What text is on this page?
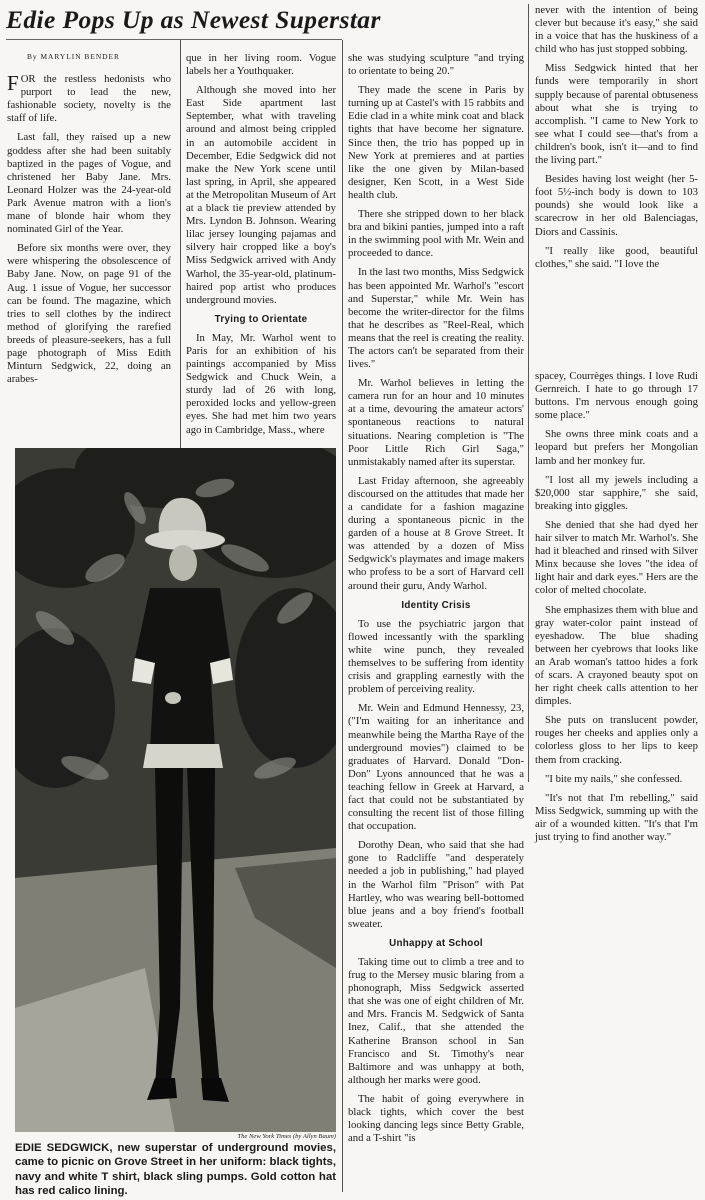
Edie Pops Up as Newest Superstar
By MARYLIN BENDER

FOR the restless hedonists who purport to lead the new, fashionable society, novelty is the staff of life.

Last fall, they raised up a new goddess after she had been suitably baptized in the pages of Vogue, and christened her Baby Jane. Mrs. Leonard Holzer was the 24-year-old Park Avenue matron with a lion's mane of blonde hair whom they nominated Girl of the Year.

Before six months were over, they were whispering the obsolescence of Baby Jane. Now, on page 91 of the Aug. 1 issue of Vogue, her successor can be found. The magazine, which tries to sell clothes by the indirect method of glorifying the rarefied breeds of pleasure-seekers, has a full page photograph of Miss Edith Minturn Sedgwick, 22, doing an arabes-

que in her living room. Vogue labels her a Youthquaker.

Although she moved into her East Side apartment last September, what with traveling around and almost being crippled in an automobile accident in December, Edie Sedgwick did not make the New York scene until last spring, in April, she appeared at the Metropolitan Museum of Art at a black tie preview attended by Mrs. Lyndon B. Johnson. Wearing lilac jersey lounging pajamas and silvery hair cropped like a boy's Miss Sedgwick arrived with Andy Warhol, the 35-year-old, platinum-haired pop artist who produces underground movies.

Trying to Orientate

In May, Mr. Warhol went to Paris for an exhibition of his paintings accompanied by Miss Sedgwick and Chuck Wein, a sturdy lad of 26 with long, peroxided locks and yellow-green eyes. She had met him two years ago in Cambridge, Mass., where

The New York Times (by Allyn Baum)
EDIE SEDGWICK, new superstar of underground movies, came to picnic on Grove Street in her uniform: black tights, navy and white T shirt, black sling pumps. Gold cotton hat has red calico lining.

she was studying sculpture "and trying to orientate to being 20."

They made the scene in Paris by turning up at Castel's with 15 rabbits and Edie clad in a white mink coat and black tights that have become her signature. Since then, the trio has popped up in New York at premieres and at parties like the one given by Milan-based designer, Ken Scott, in a West Side health club.

There she stripped down to her black bra and bikini panties, jumped into a raft in the swimming pool with Mr. Wein and proceeded to dance.

In the last two months, Miss Sedgwick has been appointed Mr. Warhol's "escort and Superstar," while Mr. Wein has become the writer-director for the films that he describes as "Reel-Real, which means that the reel is creating the reality. The actors can't be separated from their lives."

Mr. Warhol believes in letting the camera run for an hour and 10 minutes at a time, devouring the amateur actors' spontaneous reactions to natural situations. Nearing completion is "The Poor Little Rich Girl Saga," unmistakably named after its superstar.

Last Friday afternoon, she agreeably discoursed on the attitudes that made her a candidate for a fashion magazine during a spontaneous picnic in the garden of a house at 8 Grove Street. It was attended by a dozen of Miss Sedgwick's playmates and image makers who profess to be a sort of Harvard cell around their guru, Andy Warhol.

Identity Crisis

To use the psychiatric jargon that flowed incessantly with the sparkling white wine punch, they revealed themselves to be suffering from identity crisis and grappling earnestly with the problem of perceiving reality.

Mr. Wein and Edmund Hennessy, 23, ("I'm waiting for an inheritance and meanwhile being the Martha Raye of the underground movies") claimed to be graduates of Harvard. Donald "Don-Don" Lyons announced that he was a teaching fellow in Greek at Harvard, a fact that could not be substantiated by consulting the recent list of those filling that occupation.

Dorothy Dean, who said that she had gone to Radcliffe "and desperately needed a job in publishing," had played in the Warhol film "Prison" with Pat Hartley, who was wearing bell-bottomed blue jeans and a boy friend's football sweater.

Unhappy at School

Taking time out to climb a tree and to frug to the Mersey music blaring from a phonograph, Miss Sedgwick asserted that she was one of eight children of Mr. and Mrs. Francis M. Sedgwick of Santa Inez, Calif., that she attended the Katherine Branson school in San Francisco and St. Timothy's near Baltimore and was unhappy at both, although her marks were good.

The habit of going everywhere in black tights, which cover the best looking dancing legs since Betty Grable, and a T-shirt "is

never with the intention of being clever but because it's easy," she said in a voice that has the huskiness of a child who has just stopped sobbing.

Miss Sedgwick hinted that her funds were temporarily in short supply because of parental obtuseness about what she is trying to accomplish. "I came to New York to see what I could see—that's from a children's book, isn't it—and to find the living part."

Besides having lost weight (her 5-foot 5½-inch body is down to 103 pounds) she would look like a scarecrow in her old Balenciagas, Diors and Cassinis.

"I really like good, beautiful clothes," she said. "I love the

spacey, Courrèges things. I love Rudi Gernreich. I hate to go through 17 buttons. I'm nervous enough going some place."

She owns three mink coats and a leopard but prefers her Mongolian lamb and her monkey fur.

"I lost all my jewels including a $20,000 star sapphire," she said, breaking into giggles.

She denied that she had dyed her hair silver to match Mr. Warhol's. She had it bleached and rinsed with Silver Minx because she loves "the idea of light hair and dark eyes." Hers are the color of melted chocolate.

She emphasizes them with blue and gray water-color paint instead of eyeshadow. The blue shading between her cyebrows that looks like an Arab woman's tattoo hides a fork of scars. A crayoned beauty spot on her right cheek calls attention to her dimples.

She puts on translucent powder, rouges her cheeks and applies only a colorless gloss to her lips to keep them from cracking.

"I bite my nails," she confessed.

"It's not that I'm rebelling," said Miss Sedgwick, summing up with the air of a wounded kitten. "It's that I'm just trying to find another way."
